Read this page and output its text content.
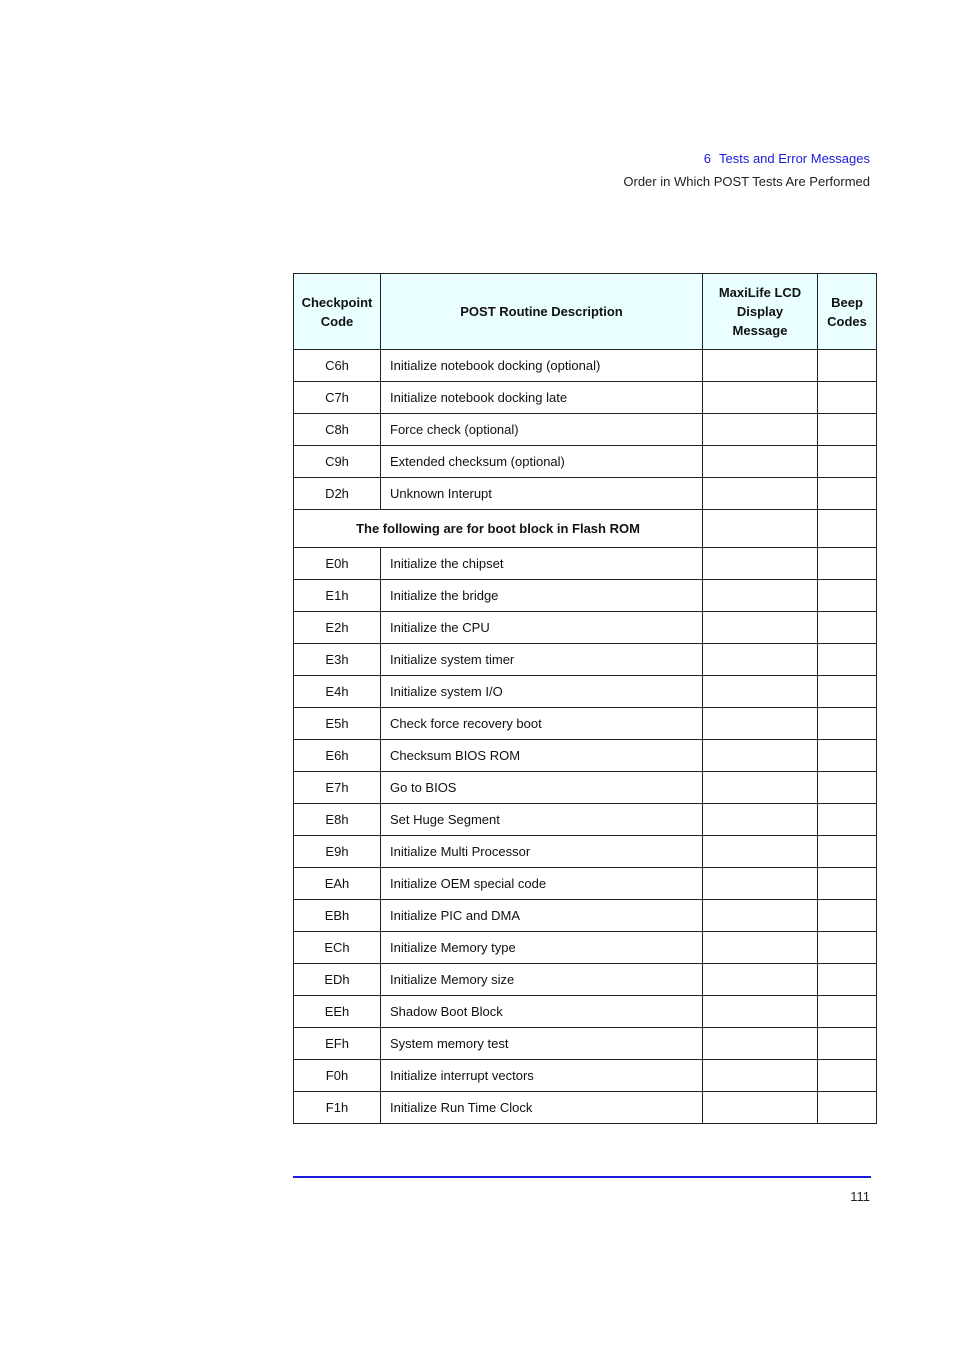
6 Tests and Error Messages
Order in Which POST Tests Are Performed
Checkpoint Code	POST Routine Description	MaxiLife LCD Display Message	Beep Codes
C6h	Initialize notebook docking (optional)		
C7h	Initialize notebook docking late		
C8h	Force check (optional)		
C9h	Extended checksum (optional)		
D2h	Unknown Interupt		
The following are for boot block in Flash ROM			
E0h	Initialize the chipset		
E1h	Initialize the bridge		
E2h	Initialize the CPU		
E3h	Initialize system timer		
E4h	Initialize system I/O		
E5h	Check force recovery boot		
E6h	Checksum BIOS ROM		
E7h	Go to BIOS		
E8h	Set Huge Segment		
E9h	Initialize Multi Processor		
EAh	Initialize OEM special code		
EBh	Initialize PIC and DMA		
ECh	Initialize Memory type		
EDh	Initialize Memory size		
EEh	Shadow Boot Block		
EFh	System memory test		
F0h	Initialize interrupt vectors		
F1h	Initialize Run Time Clock		
111
